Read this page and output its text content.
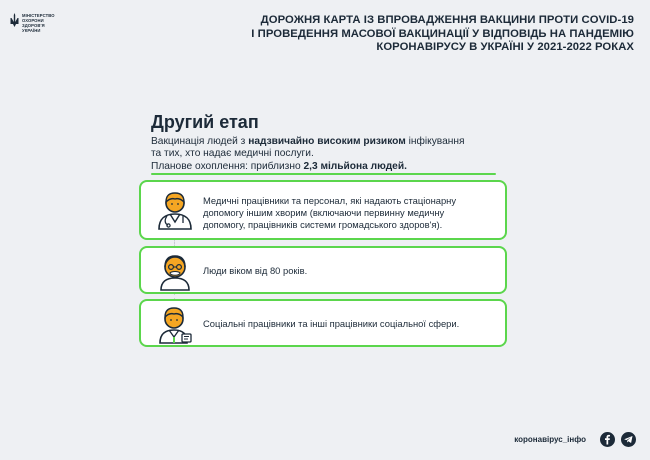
МІНІСТЕРСТВО
ОХОРОНИ
ЗДОРОВ'Я
УКРАЇНИ
ДОРОЖНЯ КАРТА ІЗ ВПРОВАДЖЕННЯ ВАКЦИНИ ПРОТИ COVID-19
І ПРОВЕДЕННЯ МАСОВОЇ ВАКЦИНАЦІЇ У ВІДПОВІДЬ НА ПАНДЕМІЮ
КОРОНАВІРУСУ В УКРАЇНІ У 2021-2022 РОКАХ
Другий етап
Вакцинація людей з надзвичайно високим ризиком інфікування
та тих, хто надає медичні послуги.
Планове охоплення: приблизно 2,3 мільйона людей.
Медичні працівники та персонал, які надають стаціонарну
допомогу іншим хворим (включаючи первинну медичну
допомогу, працівників системи громадського здоров'я).
Люди віком від 80 років.
Соціальні працівники та інші працівники соціальної сфери.
коронавірус_інфо
